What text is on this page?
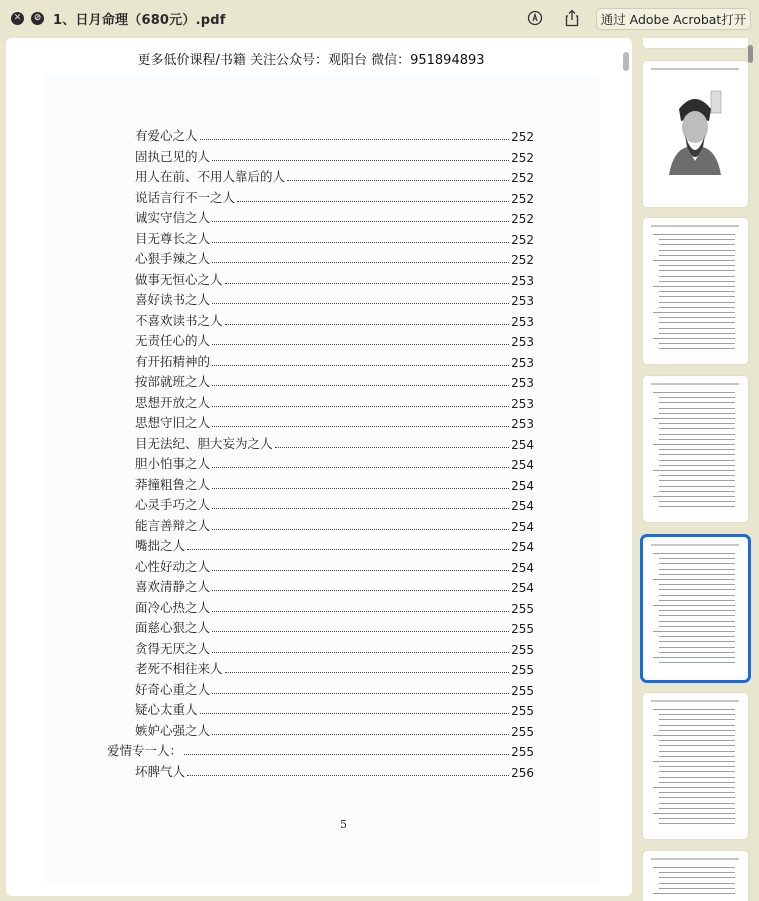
✕	⊘ 1、日月命理（680元）.pdf	通过 Adobe Acrobat打开
更多低价课程/书籍 关注公众号：观阳台 微信：951894893
有爱心之人	252
固执己见的人	252
用人在前、不用人靠后的人	252
说话言行不一之人	252
诚实守信之人	252
目无尊长之人	252
心狠手辣之人	252
做事无恒心之人	253
喜好读书之人	253
不喜欢读书之人	253
无责任心的人	253
有开拓精神的	253
按部就班之人	253
思想开放之人	253
思想守旧之人	253
目无法纪、胆大妄为之人	254
胆小怕事之人	254
莽撞粗鲁之人	254
心灵手巧之人	254
能言善辩之人	254
嘴拙之人	254
心性好动之人	254
喜欢清静之人	254
面冷心热之人	255
面慈心狠之人	255
贪得无厌之人	255
老死不相往来人	255
好奇心重之人	255
疑心太重人	255
嫉妒心强之人	255
爱情专一人：	255
坏脾气人	256
5
